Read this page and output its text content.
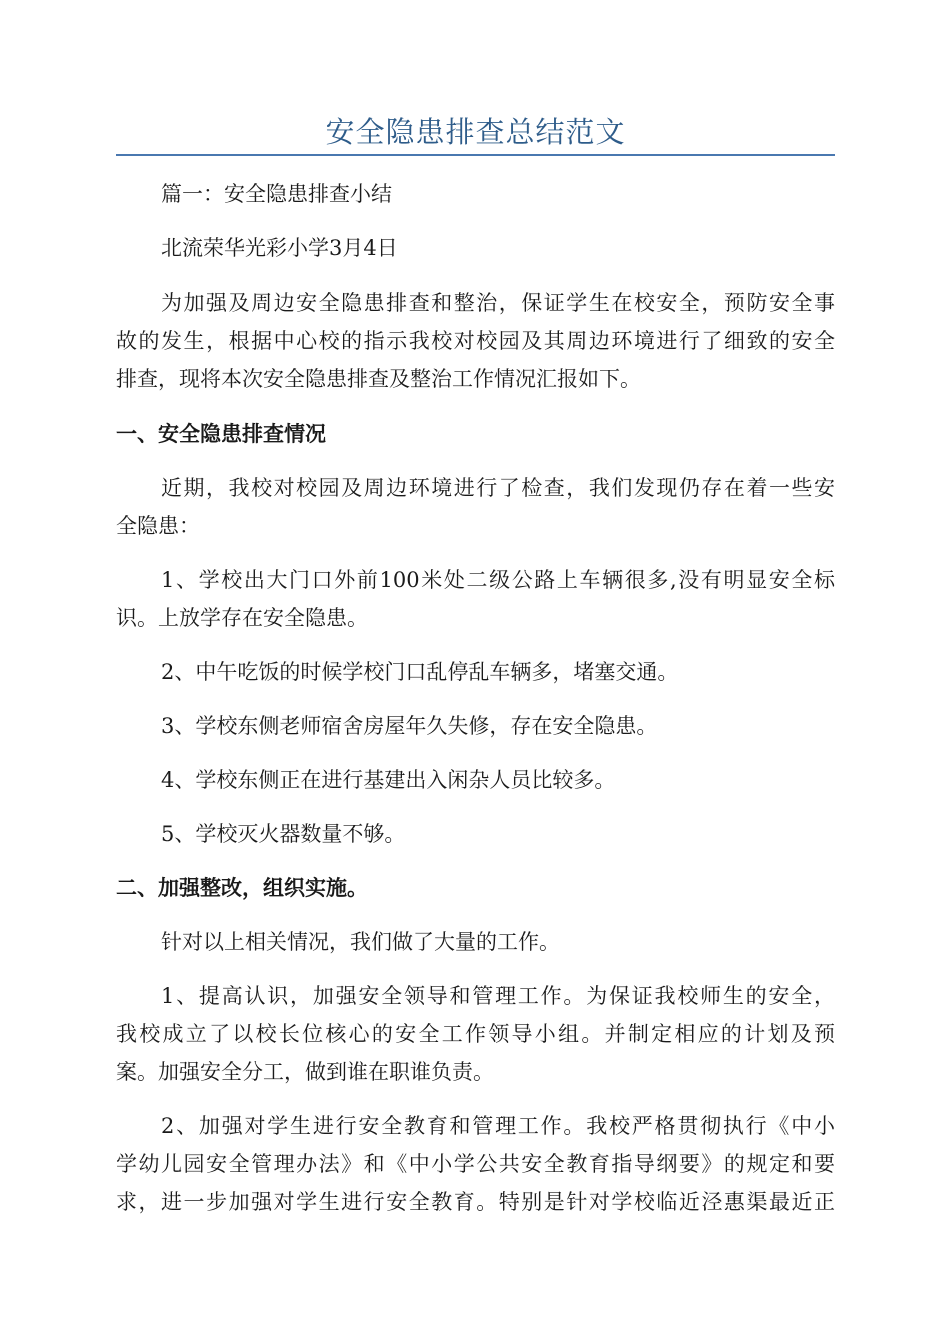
安全隐患排查总结范文
篇一：安全隐患排查小结
北流荣华光彩小学3月4日
为加强及周边安全隐患排查和整治，保证学生在校安全，预防安全事
故的发生，根据中心校的指示我校对校园及其周边环境进行了细致的安全
排查，现将本次安全隐患排查及整治工作情况汇报如下。
一、安全隐患排查情况
近期，我校对校园及周边环境进行了检查，我们发现仍存在着一些安
全隐患：
1、学校出大门口外前100米处二级公路上车辆很多,没有明显安全标
识。上放学存在安全隐患。
2、中午吃饭的时候学校门口乱停乱车辆多，堵塞交通。
3、学校东侧老师宿舍房屋年久失修，存在安全隐患。
4、学校东侧正在进行基建出入闲杂人员比较多。
5、学校灭火器数量不够。
二、加强整改，组织实施。
针对以上相关情况，我们做了大量的工作。
1、提高认识，加强安全领导和管理工作。为保证我校师生的安全，
我校成立了以校长位核心的安全工作领导小组。并制定相应的计划及预
案。加强安全分工，做到谁在职谁负责。
2、加强对学生进行安全教育和管理工作。我校严格贯彻执行《中小
学幼儿园安全管理办法》和《中小学公共安全教育指导纲要》的规定和要
求，进一步加强对学生进行安全教育。特别是针对学校临近泾惠渠最近正
